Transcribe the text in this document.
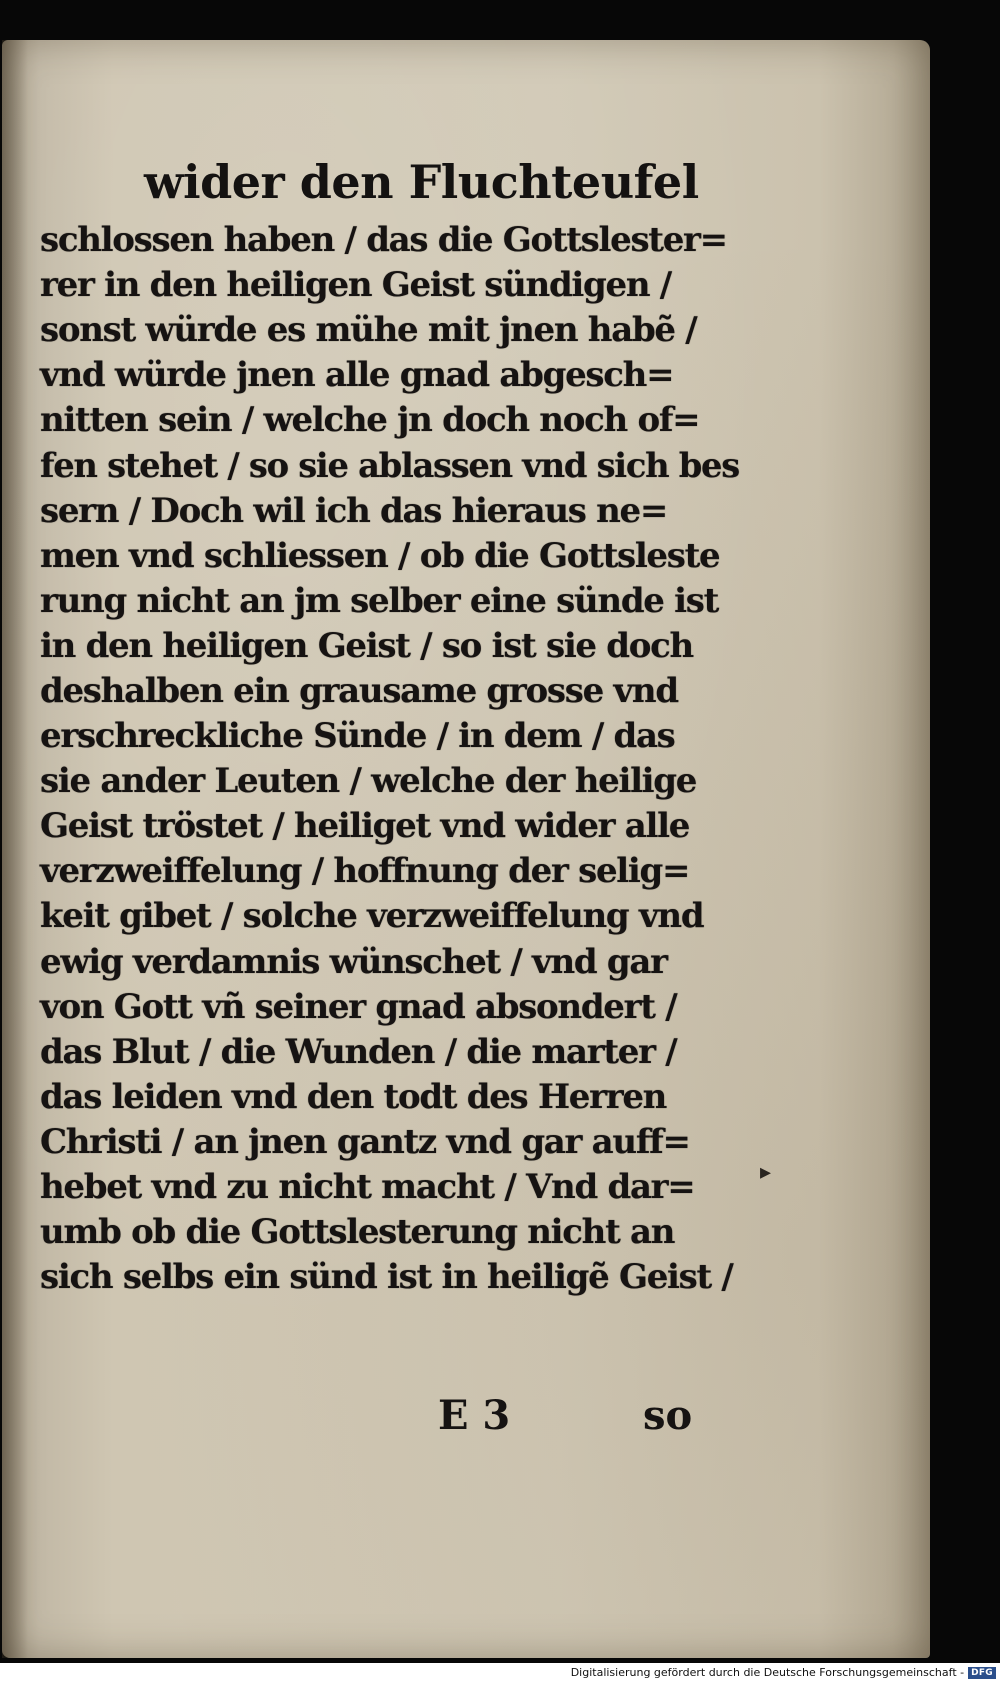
wider den Fluchteufel
schlossen haben / das die Gottslester=
rer in den heiligen Geist sündigen /
sonst würde es mühe mit jnen habẽ /
vnd würde jnen alle gnad abgesch=
nitten sein / welche jn doch noch of=
fen stehet / so sie ablassen vnd sich bes
sern / Doch wil ich das hieraus ne=
men vnd schliessen / ob die Gottsleste
rung nicht an jm selber eine sünde ist
in den heiligen Geist / so ist sie doch
deshalben ein grausame grosse vnd
erschreckliche Sünde / in dem / das
sie ander Leuten / welche der heilige
Geist tröstet / heiliget vnd wider alle
verzweiffelung / hoffnung der selig=
keit gibet / solche verzweiffelung vnd
ewig verdamnis wünschet / vnd gar
von Gott vñ seiner gnad absondert /
das Blut / die Wunden / die marter /
das leiden vnd den todt des Herren
Christi / an jnen gantz vnd gar auff=
hebet vnd zu nicht macht / Vnd dar=
umb ob die Gottslesterung nicht an
sich selbs ein sünd ist in heiligẽ Geist /
E 3	so
▸
Digitalisierung gefördert durch die Deutsche Forschungsgemeinschaft - DFG
